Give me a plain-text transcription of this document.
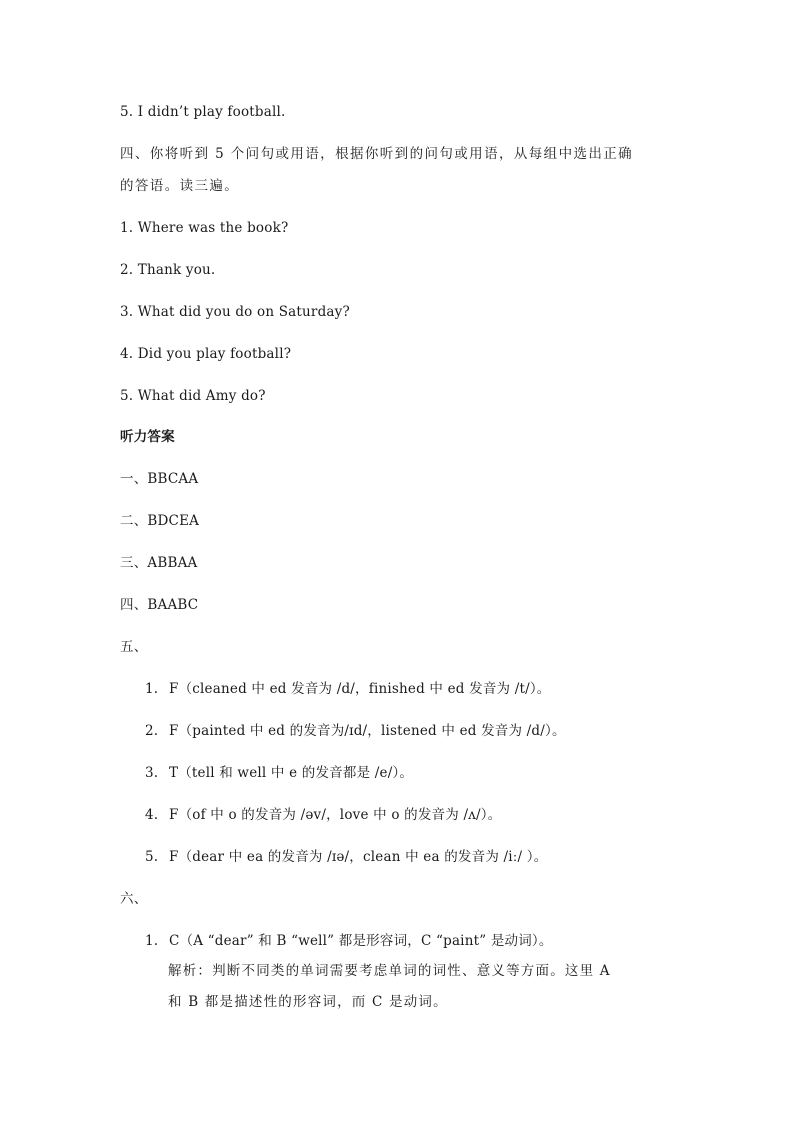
5. I didn’t play football.
四、你将听到 5 个问句或用语，根据你听到的问句或用语，从每组中选出正确
的答语。读三遍。
1. Where was the book?
2. Thank you.
3. What did you do on Saturday?
4. Did you play football?
5. What did Amy do?
听力答案
一、BBCAA
二、BDCEA
三、ABBAA
四、BAABC
五、
1. F（cleaned 中 ed 发音为 /d/，finished 中 ed 发音为 /t/）。
2. F（painted 中 ed 的发音为/ɪd/，listened 中 ed 发音为 /d/）。
3. T（tell 和 well 中 e 的发音都是 /e/）。
4. F（of 中 o 的发音为 /əv/，love 中 o 的发音为 /ʌ/）。
5. F（dear 中 ea 的发音为 /ɪə/，clean 中 ea 的发音为 /iː/ ）。
六、
1. C（A “dear” 和 B “well” 都是形容词，C “paint” 是动词）。
解析：判断不同类的单词需要考虑单词的词性、意义等方面。这里 A
和 B 都是描述性的形容词，而 C 是动词。
